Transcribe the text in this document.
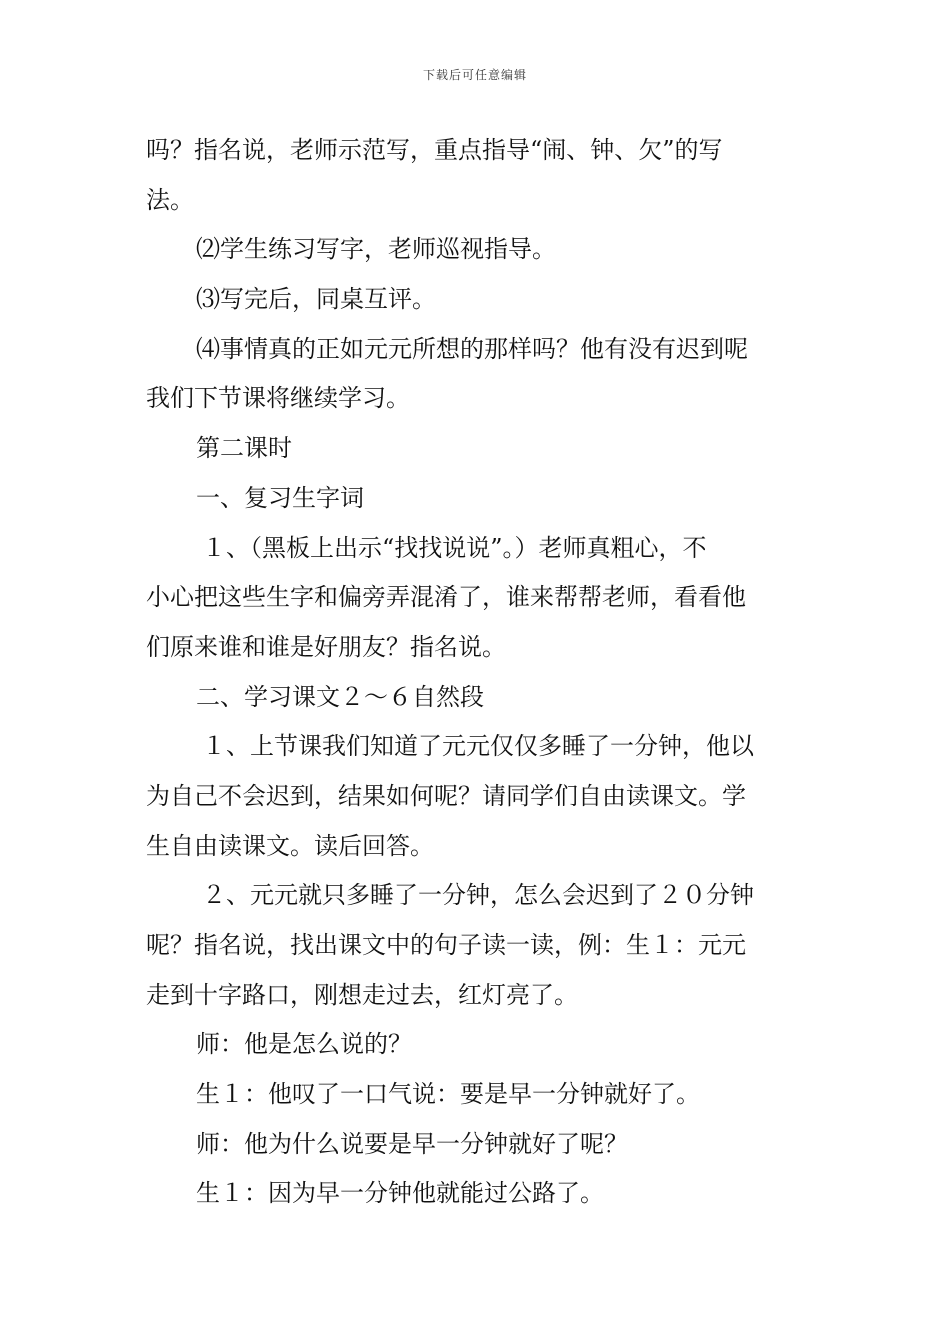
下载后可任意编辑
吗？指名说，老师示范写，重点指导“闹、钟、欠”的写
法。
⑵学生练习写字，老师巡视指导。
⑶写完后，同桌互评。
⑷事情真的正如元元所想的那样吗？他有没有迟到呢
我们下节课将继续学习。
第二课时
一、复习生字词
１、（黑板上出示“找找说说”。）老师真粗心，不
小心把这些生字和偏旁弄混淆了，谁来帮帮老师，看看他
们原来谁和谁是好朋友？指名说。
二、学习课文２～６自然段
１、上节课我们知道了元元仅仅多睡了一分钟，他以
为自己不会迟到，结果如何呢？请同学们自由读课文。学
生自由读课文。读后回答。
２、元元就只多睡了一分钟，怎么会迟到了２０分钟
呢？指名说，找出课文中的句子读一读，例：生１：元元
走到十字路口，刚想走过去，红灯亮了。
师：他是怎么说的？
生１：他叹了一口气说：要是早一分钟就好了。
师：他为什么说要是早一分钟就好了呢？
生１：因为早一分钟他就能过公路了。
